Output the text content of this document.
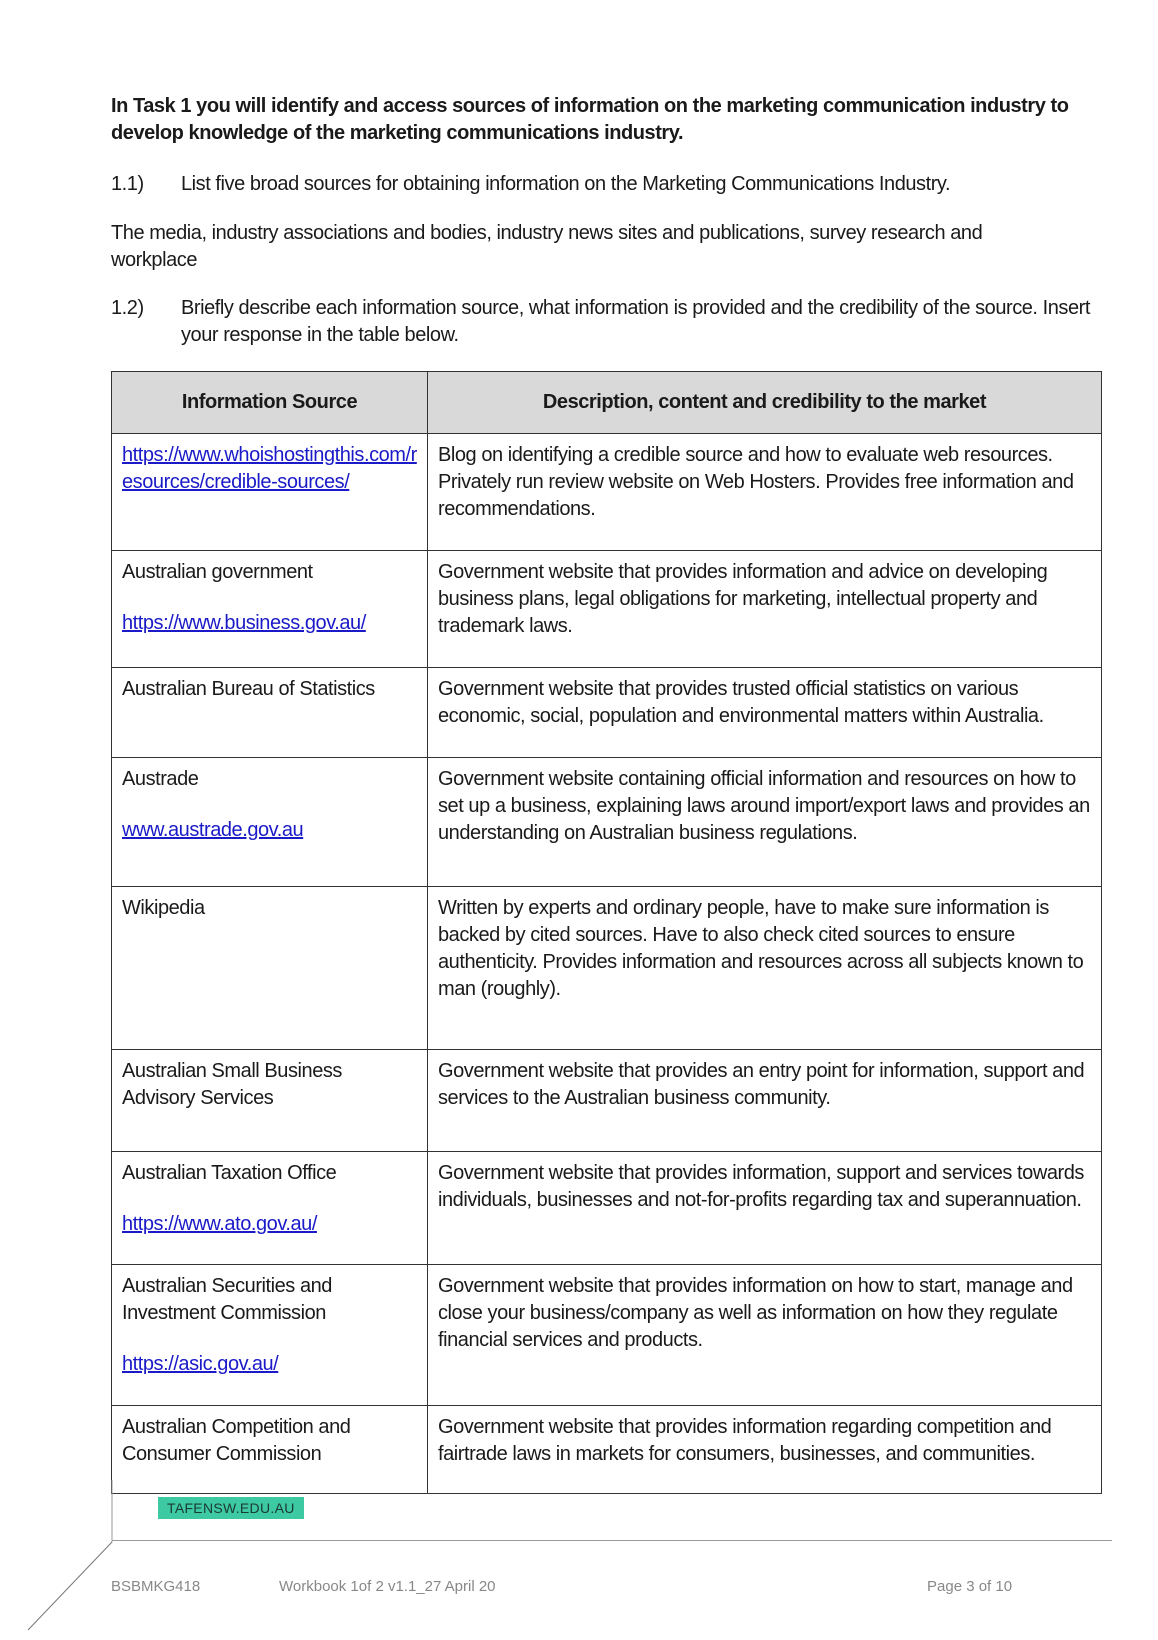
In Task 1 you will identify and access sources of information on the marketing communication industry to develop knowledge of the marketing communications industry.
1.1) List five broad sources for obtaining information on the Marketing Communications Industry.
The media, industry associations and bodies, industry news sites and publications, survey research and workplace
1.2) Briefly describe each information source, what information is provided and the credibility of the source. Insert your response in the table below.
Information Source	Description, content and credibility to the market

https://www.whoishostingthis.com/resources/credible-sources/	Blog on identifying a credible source and how to evaluate web resources. Privately run review website on Web Hosters. Provides free information and recommendations.

Australian government
https://www.business.gov.au/	Government website that provides information and advice on developing business plans, legal obligations for marketing, intellectual property and trademark laws.

Australian Bureau of Statistics	Government website that provides trusted official statistics on various economic, social, population and environmental matters within Australia.

Austrade
www.austrade.gov.au	Government website containing official information and resources on how to set up a business, explaining laws around import/export laws and provides an understanding on Australian business regulations.

Wikipedia	Written by experts and ordinary people, have to make sure information is backed by cited sources. Have to also check cited sources to ensure authenticity. Provides information and resources across all subjects known to man (roughly).

Australian Small Business Advisory Services	Government website that provides an entry point for information, support and services to the Australian business community.

Australian Taxation Office
https://www.ato.gov.au/	Government website that provides information, support and services towards individuals, businesses and not-for-profits regarding tax and superannuation.

Australian Securities and Investment Commission
https://asic.gov.au/	Government website that provides information on how to start, manage and close your business/company as well as information on how they regulate financial services and products.

Australian Competition and Consumer Commission	Government website that provides information regarding competition and fairtrade laws in markets for consumers, businesses, and communities.
TAFENSW.EDU.AU
BSBMKG418	Workbook 1of 2 v1.1_27 April 20	Page 3 of 10
